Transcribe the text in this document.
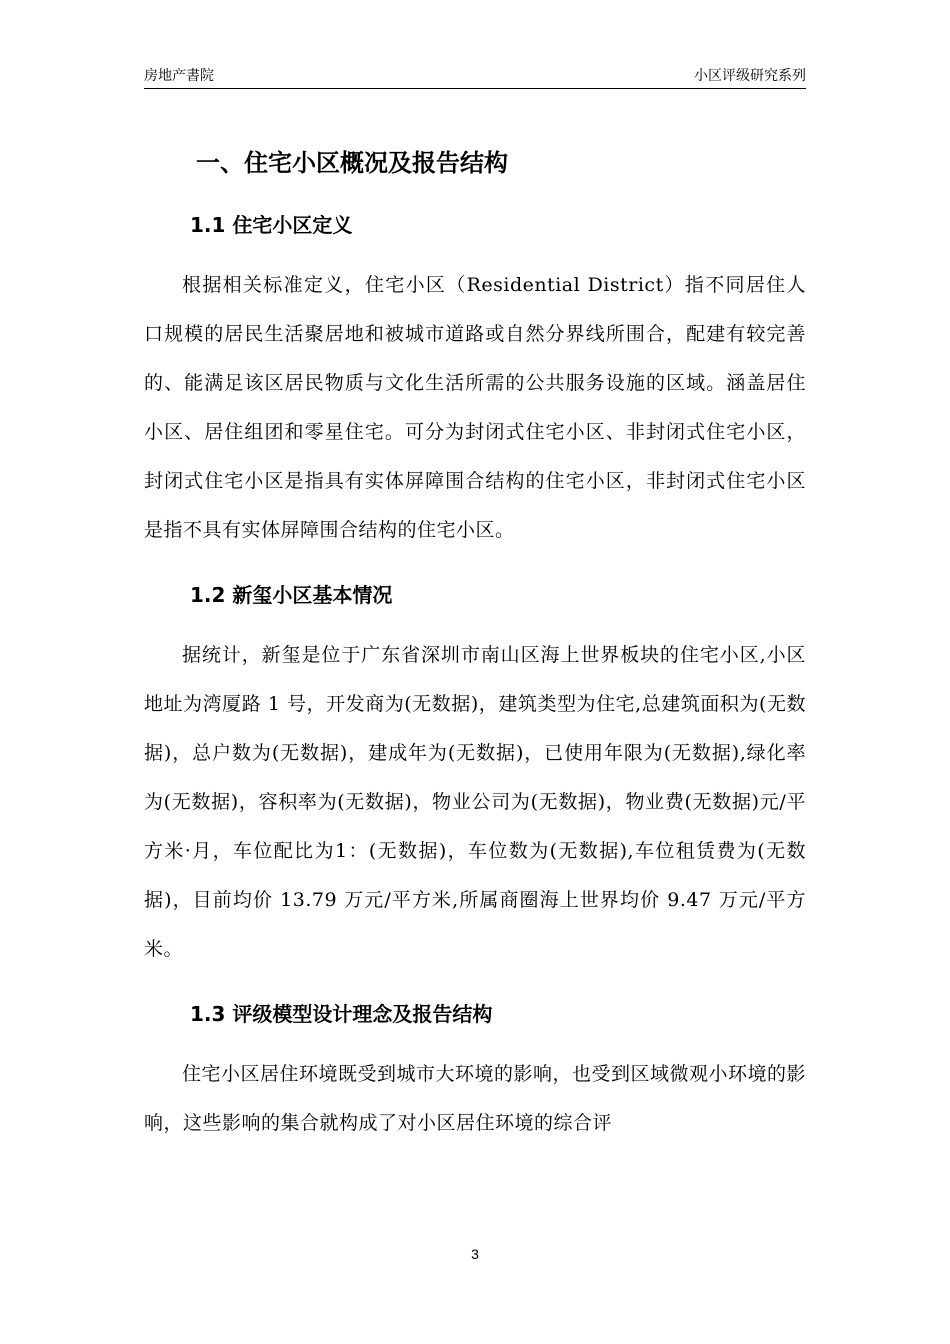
房地产書院	小区评级研究系列
一、住宅小区概况及报告结构
1.1 住宅小区定义

根据相关标准定义，住宅小区（Residential District）指不同居住人口规模的居民生活聚居地和被城市道路或自然分界线所围合，配建有较完善的、能满足该区居民物质与文化生活所需的公共服务设施的区域。涵盖居住小区、居住组团和零星住宅。可分为封闭式住宅小区、非封闭式住宅小区，封闭式住宅小区是指具有实体屏障围合结构的住宅小区，非封闭式住宅小区是指不具有实体屏障围合结构的住宅小区。

1.2 新玺小区基本情况

据统计，新玺是位于广东省深圳市南山区海上世界板块的住宅小区,小区地址为湾厦路 1 号，开发商为(无数据)，建筑类型为住宅,总建筑面积为(无数据)，总户数为(无数据)，建成年为(无数据)，已使用年限为(无数据),绿化率为(无数据)，容积率为(无数据)，物业公司为(无数据)，物业费(无数据)元/平方米·月，车位配比为1：(无数据)，车位数为(无数据),车位租赁费为(无数据)，目前均价 13.79 万元/平方米,所属商圈海上世界均价 9.47 万元/平方米。

1.3 评级模型设计理念及报告结构

住宅小区居住环境既受到城市大环境的影响，也受到区域微观小环境的影响，这些影响的集合就构成了对小区居住环境的综合评

3
